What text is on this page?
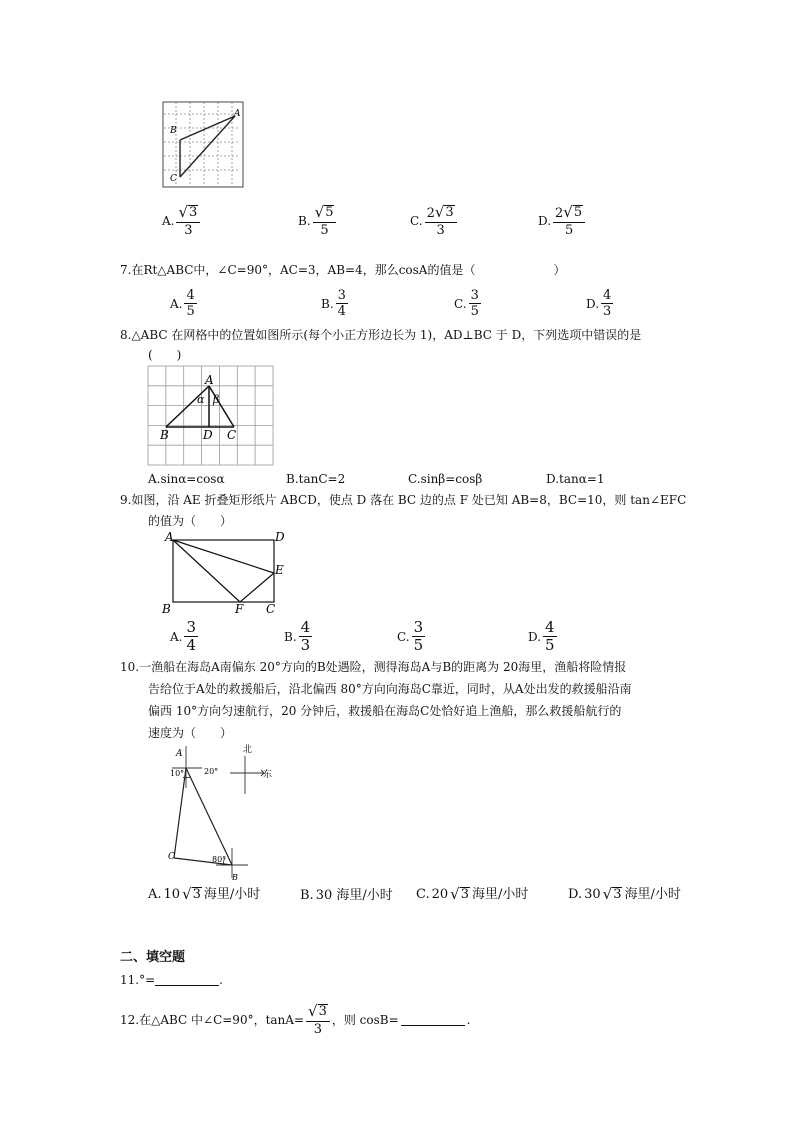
A
B
C
A. $\frac{√ 3}{3}$	B. $\frac{√ 5}{5}$	C. $\frac{2 √ 3}{3}$	D. $\frac{2 √ 5}{5}$
7.在Rt△ABC中，∠C=90°，AC=3，AB=4，那么cosA的值是（	）
A. $\frac{4}{5}$	B. $\frac{3}{4}$	C. $\frac{3}{5}$	D. $\frac{4}{3}$
8.△ABC 在网格中的位置如图所示(每个小正方形边长为 1)，AD⊥BC 于 D，下列选项中错误的是
(　　)
A
B	D C
α β
A.sinα=cosα	B.tanC=2	C.sinβ=cosβ	D.tanα=1
9.如图，沿 AE 折叠矩形纸片 ABCD，使点 D 落在 BC 边的点 F 处已知 AB=8，BC=10，则 tan∠EFC
的值为（　　）
A	D
E
B	F C
A. $\frac{3}{4}$	B. $\frac{4}{3}$	C. $\frac{3}{5}$	D. $\frac{4}{5}$
10.一渔船在海岛A南偏东 20°方向的B处遇险，测得海岛A与B的距离为 20海里，渔船将险情报
告给位于A处的救援船后，沿北偏西 80°方向向海岛C靠近，同时，从A处出发的救援船沿南
偏西 10°方向匀速航行，20 分钟后，救援船在海岛C处恰好追上渔船，那么救援船航行的
速度为（　　）
A
C
B
10° 20°
80°
北
东
A. 10 √ 3 海里/小时	B. 30 海里/小时 C. 20 √ 3 海里/小时	D. 30 √ 3 海里/小时
二、填空题
11.°=	.
12.在△ABC 中∠C=90°，$\tan A= \frac{√ 3}{3}$ ，则 cosB=	.
